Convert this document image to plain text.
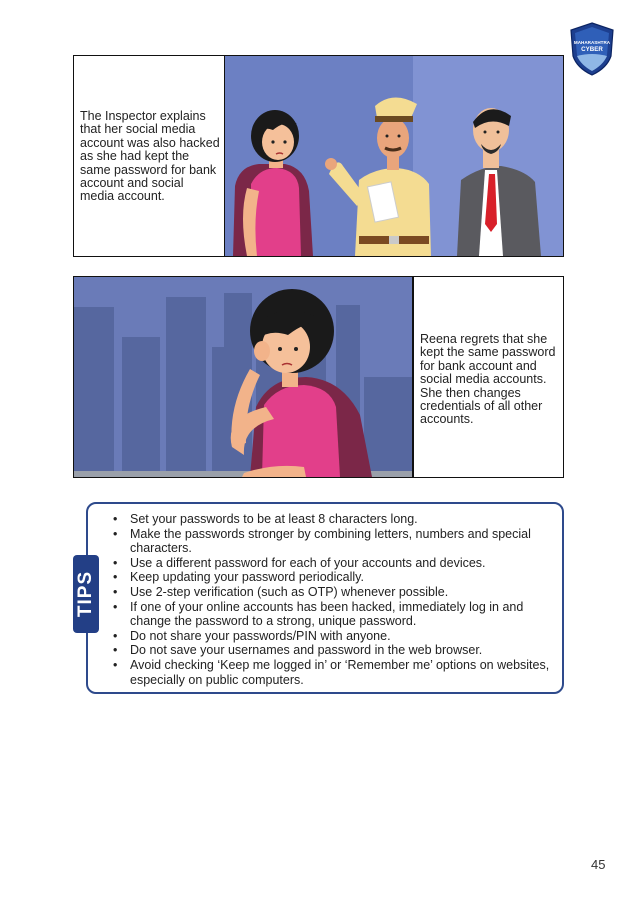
MAHARASHTRA
CYBER
The Inspector explains that her social media account was also hacked as she had kept the same password for bank account and social media account.
Reena regrets that she kept the same password for bank account and social media accounts. She then changes credentials of all other accounts.
TIPS
• Set your passwords to be at least 8 characters long.
• Make the passwords stronger by combining letters, numbers and special characters.
• Use a different password for each of your accounts and devices.
• Keep updating your password periodically.
• Use 2-step verification (such as OTP) whenever possible.
• If one of your online accounts has been hacked, immediately log in and change the password to a strong, unique password.
• Do not share your passwords/PIN with anyone.
• Do not save your usernames and password in the web browser.
• Avoid checking ‘Keep me logged in’ or ‘Remember me’ options on websites, especially on public computers.
45
